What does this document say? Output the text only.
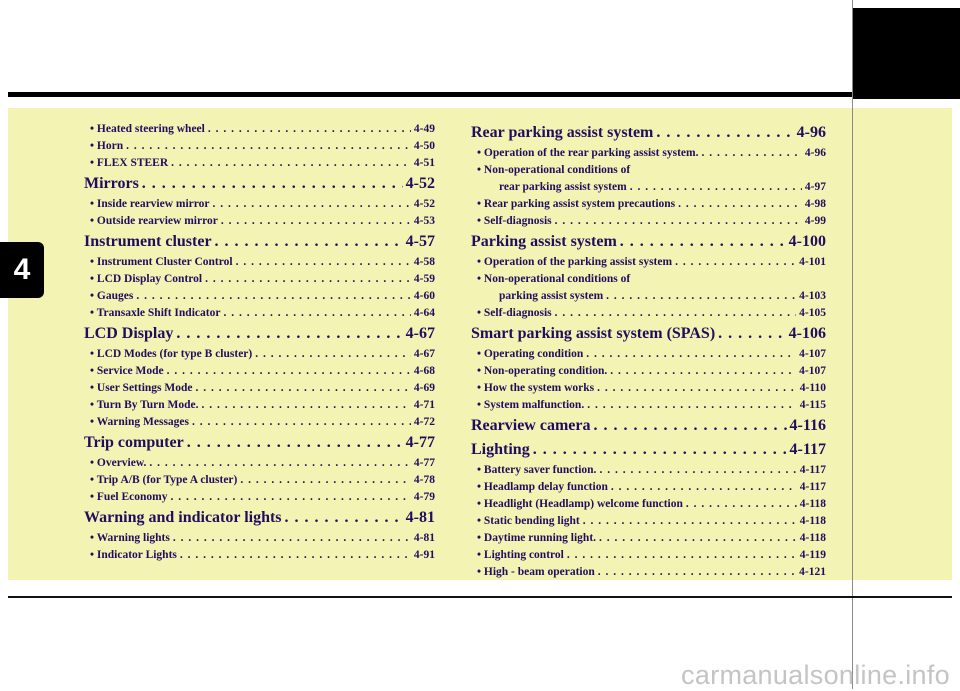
4
• Heated steering wheel . . .	4-49
• Horn . . .	4-50
• FLEX STEER . . .	4-51
Mirrors . . .	4-52
• Inside rearview mirror . . .	4-52
• Outside rearview mirror . . .	4-53
Instrument cluster . . .	4-57
• Instrument Cluster Control . . .	4-58
• LCD Display Control . . .	4-59
• Gauges . . .	4-60
• Transaxle Shift Indicator . . .	4-64
LCD Display . . .	4-67
• LCD Modes (for type B cluster) . . .	4-67
• Service Mode . . .	4-68
• User Settings Mode . . .	4-69
• Turn By Turn Mode. . . .	4-71
• Warning Messages . . .	4-72
Trip computer . . .	4-77
• Overview. . . .	4-77
• Trip A/B (for Type A cluster) . . .	4-78
• Fuel Economy . . .	4-79
Warning and indicator lights . . .	4-81
• Warning lights . . .	4-81
• Indicator Lights . . .	4-91
Rear parking assist system . . .	4-96
• Operation of the rear parking assist system. . . .	4-96
• Non-operational conditions of
rear parking assist system . . .	4-97
• Rear parking assist system precautions . . .	4-98
• Self-diagnosis . . .	4-99
Parking assist system . . .	4-100
• Operation of the parking assist system . . .	4-101
• Non-operational conditions of
parking assist system . . .	4-103
• Self-diagnosis . . .	4-105
Smart parking assist system (SPAS) . . .	4-106
• Operating condition . . .	4-107
• Non-operating condition. . . .	4-107
• How the system works . . .	4-110
• System malfunction. . . .	4-115
Rearview camera . . .	4-116
Lighting . . .	4-117
• Battery saver function. . . .	4-117
• Headlamp delay function . . .	4-117
• Headlight (Headlamp) welcome function . . .	4-118
• Static bending light . . .	4-118
• Daytime running light. . . .	4-118
• Lighting control . . .	4-119
• High - beam operation . . .	4-121
carmanualsonline.info
